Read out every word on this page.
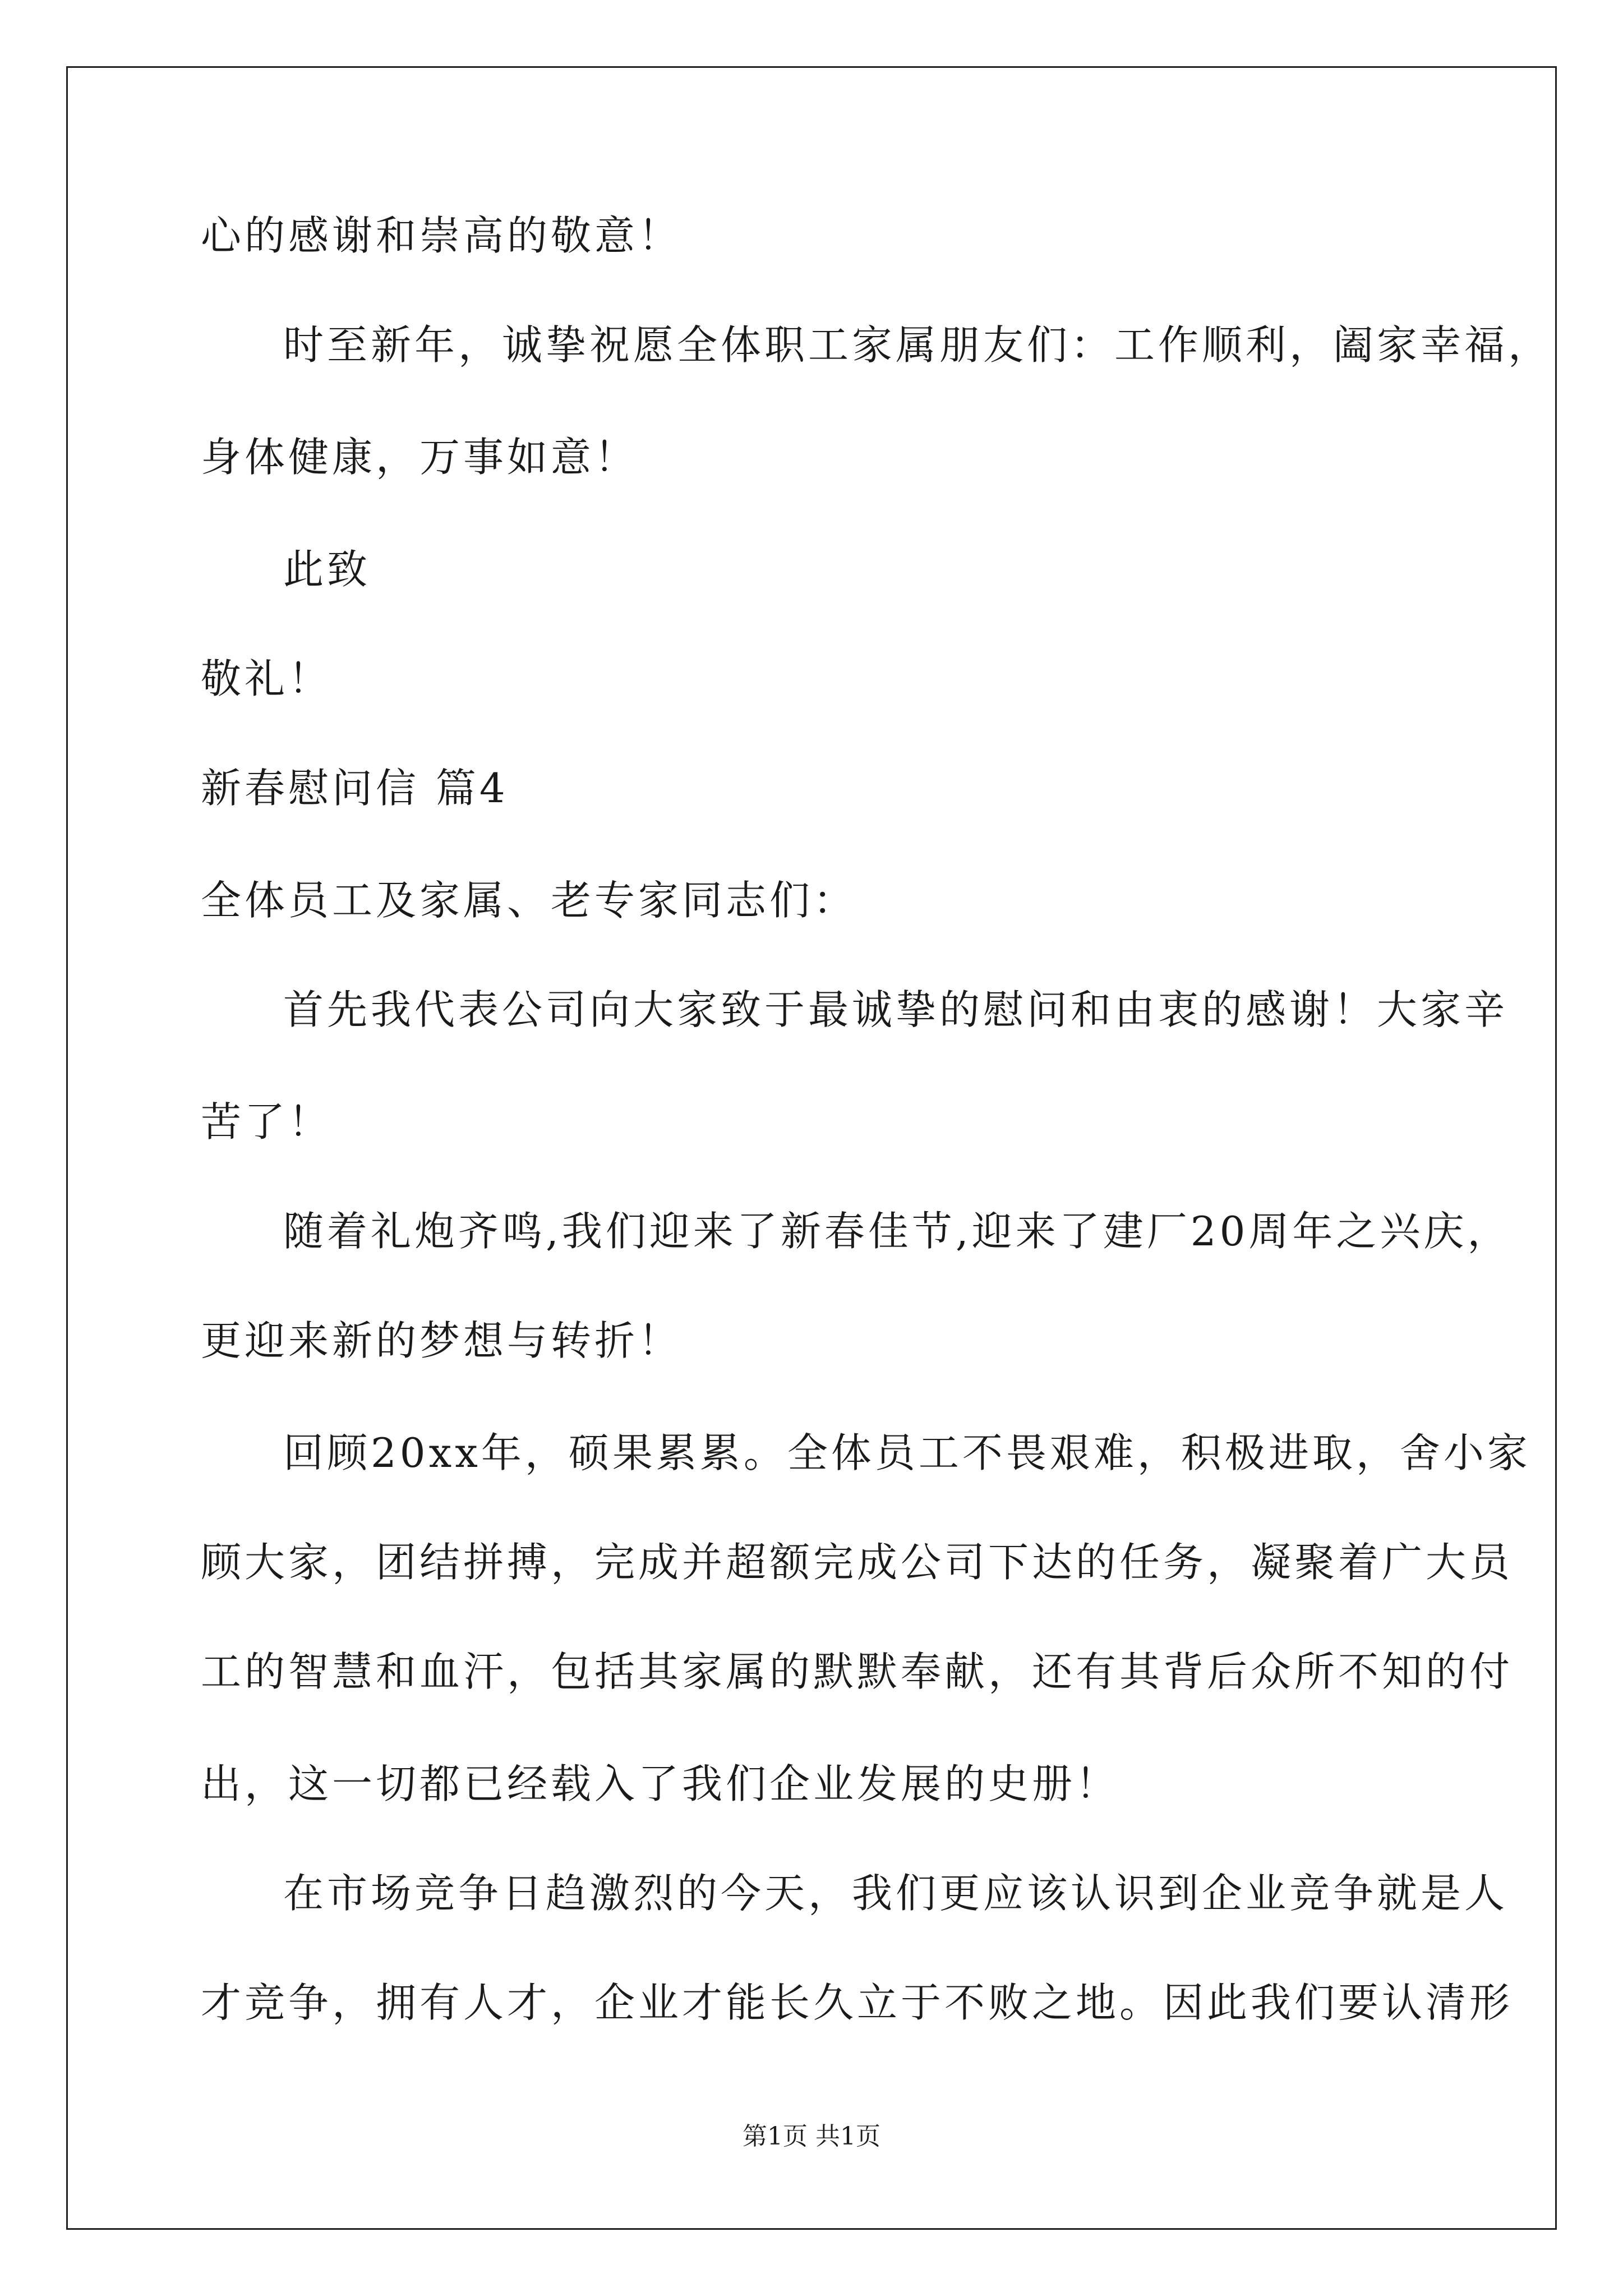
心的感谢和崇高的敬意！
时至新年，诚挚祝愿全体职工家属朋友们：工作顺利，阖家幸福，
身体健康，万事如意！
此致
敬礼！
新春慰问信 篇4
全体员工及家属、老专家同志们：
首先我代表公司向大家致于最诚挚的慰问和由衷的感谢！大家辛
苦了！
随着礼炮齐鸣,我们迎来了新春佳节,迎来了建厂20周年之兴庆，
更迎来新的梦想与转折！
回顾20xx年，硕果累累。全体员工不畏艰难，积极进取，舍小家
顾大家，团结拼搏，完成并超额完成公司下达的任务，凝聚着广大员
工的智慧和血汗，包括其家属的默默奉献，还有其背后众所不知的付
出，这一切都已经载入了我们企业发展的史册！
在市场竞争日趋激烈的今天，我们更应该认识到企业竞争就是人
才竞争，拥有人才，企业才能长久立于不败之地。因此我们要认清形
第1页 共1页
